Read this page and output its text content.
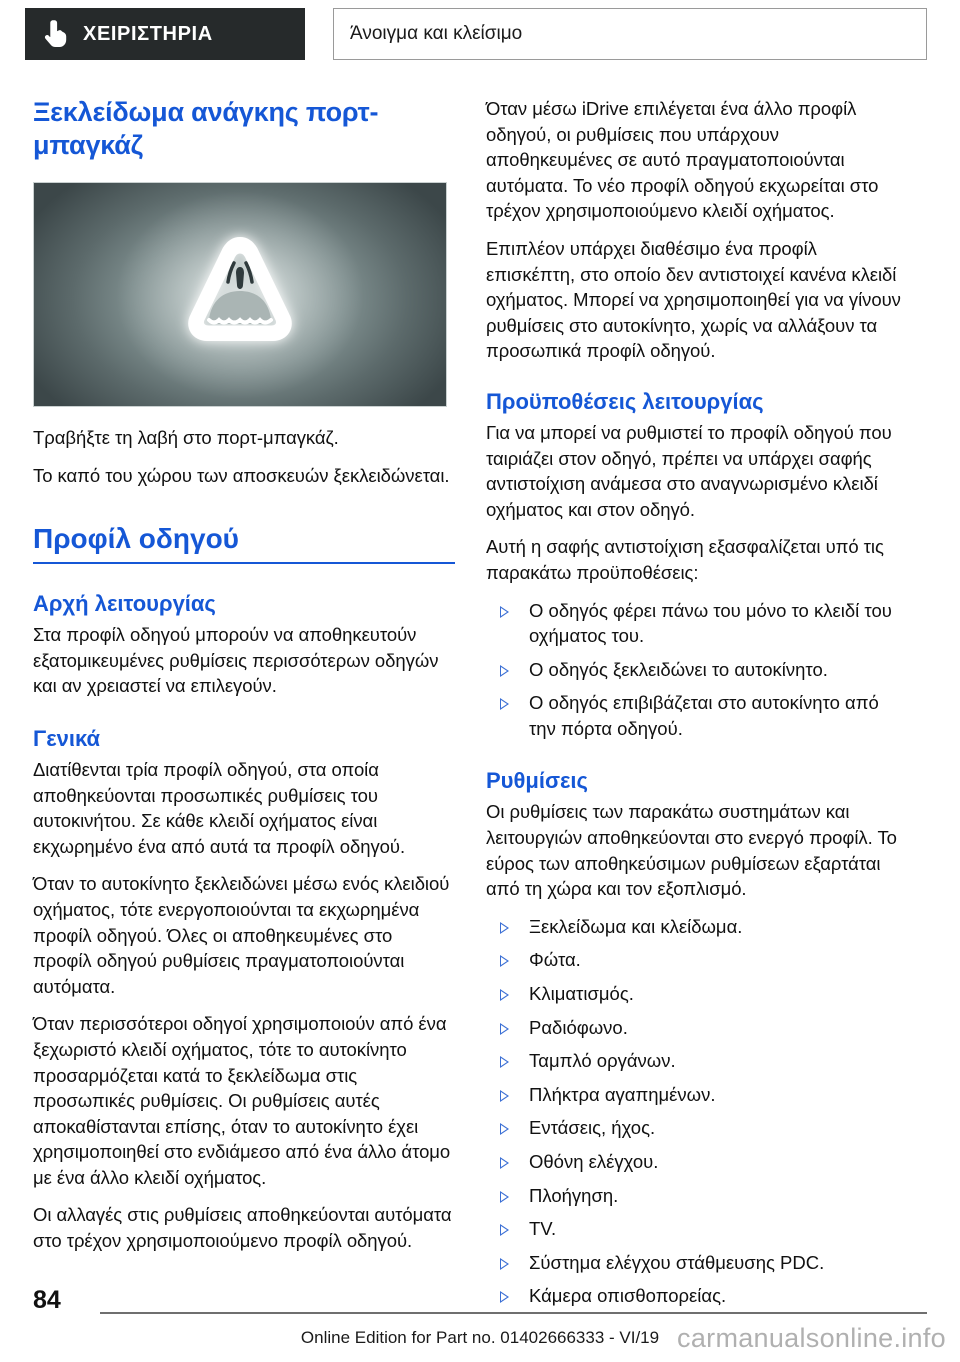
ΧΕΙΡΙΣΤΗΡΙΑ	Άνοιγμα και κλείσιμο
Ξεκλείδωμα ανάγκης πορτ-μπαγκάζ

Τραβήξτε τη λαβή στο πορτ-μπαγκάζ.

Το καπό του χώρου των αποσκευών ξεκλειδώνεται.

Προφίλ οδηγού
Αρχή λειτουργίας

Στα προφίλ οδηγού μπορούν να αποθηκευτούν εξατομικευμένες ρυθμίσεις περισσότερων οδηγών και αν χρειαστεί να επιλεγούν.

Γενικά

Διατίθενται τρία προφίλ οδηγού, στα οποία αποθηκεύονται προσωπικές ρυθμίσεις του αυτοκινήτου. Σε κάθε κλειδί οχήματος είναι εκχωρημένο ένα από αυτά τα προφίλ οδηγού.

Όταν το αυτοκίνητο ξεκλειδώνει μέσω ενός κλειδιού οχήματος, τότε ενεργοποιούνται τα εκχωρημένα προφίλ οδηγού. Όλες οι αποθηκευμένες στο προφίλ οδηγού ρυθμίσεις πραγματοποιούνται αυτόματα.

Όταν περισσότεροι οδηγοί χρησιμοποιούν από ένα ξεχωριστό κλειδί οχήματος, τότε το αυτοκίνητο προσαρμόζεται κατά το ξεκλείδωμα στις προσωπικές ρυθμίσεις. Οι ρυθμίσεις αυτές αποκαθίστανται επίσης, όταν το αυτοκίνητο έχει χρησιμοποιηθεί στο ενδιάμεσο από ένα άλλο άτομο με ένα άλλο κλειδί οχήματος.

Οι αλλαγές στις ρυθμίσεις αποθηκεύονται αυτόματα στο τρέχον χρησιμοποιούμενο προφίλ οδηγού.

Όταν μέσω iDrive επιλέγεται ένα άλλο προφίλ οδηγού, οι ρυθμίσεις που υπάρχουν αποθηκευμένες σε αυτό πραγματοποιούνται αυτόματα. Το νέο προφίλ οδηγού εκχωρείται στο τρέχον χρησιμοποιούμενο κλειδί οχήματος.

Επιπλέον υπάρχει διαθέσιμο ένα προφίλ επισκέπτη, στο οποίο δεν αντιστοιχεί κανένα κλειδί οχήματος. Μπορεί να χρησιμοποιηθεί για να γίνουν ρυθμίσεις στο αυτοκίνητο, χωρίς να αλλάξουν τα προσωπικά προφίλ οδηγού.

Προϋποθέσεις λειτουργίας

Για να μπορεί να ρυθμιστεί το προφίλ οδηγού που ταιριάζει στον οδηγό, πρέπει να υπάρχει σαφής αντιστοίχιση ανάμεσα στο αναγνωρισμένο κλειδί οχήματος και στον οδηγό.

Αυτή η σαφής αντιστοίχιση εξασφαλίζεται υπό τις παρακάτω προϋποθέσεις:

Ο οδηγός φέρει πάνω του μόνο το κλειδί του οχήματος του.
Ο οδηγός ξεκλειδώνει το αυτοκίνητο.
Ο οδηγός επιβιβάζεται στο αυτοκίνητο από την πόρτα οδηγού.
Ρυθμίσεις

Οι ρυθμίσεις των παρακάτω συστημάτων και λειτουργιών αποθηκεύονται στο ενεργό προφίλ. Το εύρος των αποθηκεύσιμων ρυθμίσεων εξαρτάται από τη χώρα και τον εξοπλισμό.

Ξεκλείδωμα και κλείδωμα.
Φώτα.
Κλιματισμός.
Ραδιόφωνο.
Ταμπλό οργάνων.
Πλήκτρα αγαπημένων.
Εντάσεις, ήχος.
Οθόνη ελέγχου.
Πλοήγηση.
TV.
Σύστημα ελέγχου στάθμευσης PDC.
Κάμερα οπισθοπορείας.
84
Online Edition for Part no. 01402666333 - VI/19 carmanualsonline.info
